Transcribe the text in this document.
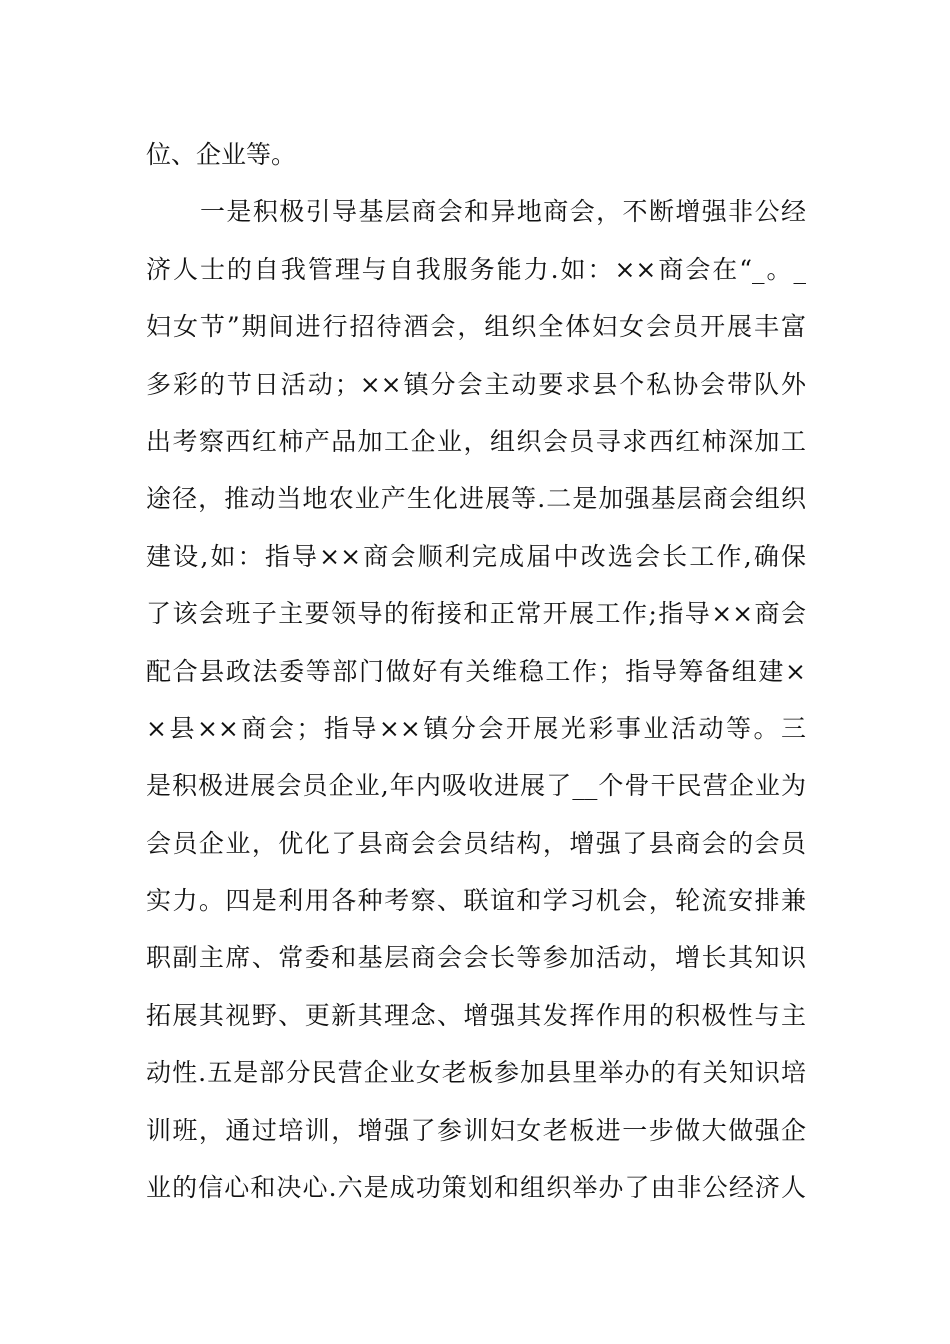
位、企业等。
一是积极引导基层商会和异地商会，不断增强非公经
济人士的自我管理与自我服务能力.如：××商会在“_。_
妇女节”期间进行招待酒会，组织全体妇女会员开展丰富
多彩的节日活动；××镇分会主动要求县个私协会带队外
出考察西红柿产品加工企业，组织会员寻求西红柿深加工
途径，推动当地农业产生化进展等.二是加强基层商会组织
建设,如：指导××商会顺利完成届中改选会长工作,确保
了该会班子主要领导的衔接和正常开展工作;指导××商会
配合县政法委等部门做好有关维稳工作；指导筹备组建×
×县××商会；指导××镇分会开展光彩事业活动等。三
是积极进展会员企业,年内吸收进展了__个骨干民营企业为
会员企业，优化了县商会会员结构，增强了县商会的会员
实力。四是利用各种考察、联谊和学习机会，轮流安排兼
职副主席、常委和基层商会会长等参加活动，增长其知识
拓展其视野、更新其理念、增强其发挥作用的积极性与主
动性.五是部分民营企业女老板参加县里举办的有关知识培
训班，通过培训，增强了参训妇女老板进一步做大做强企
业的信心和决心.六是成功策划和组织举办了由非公经济人
